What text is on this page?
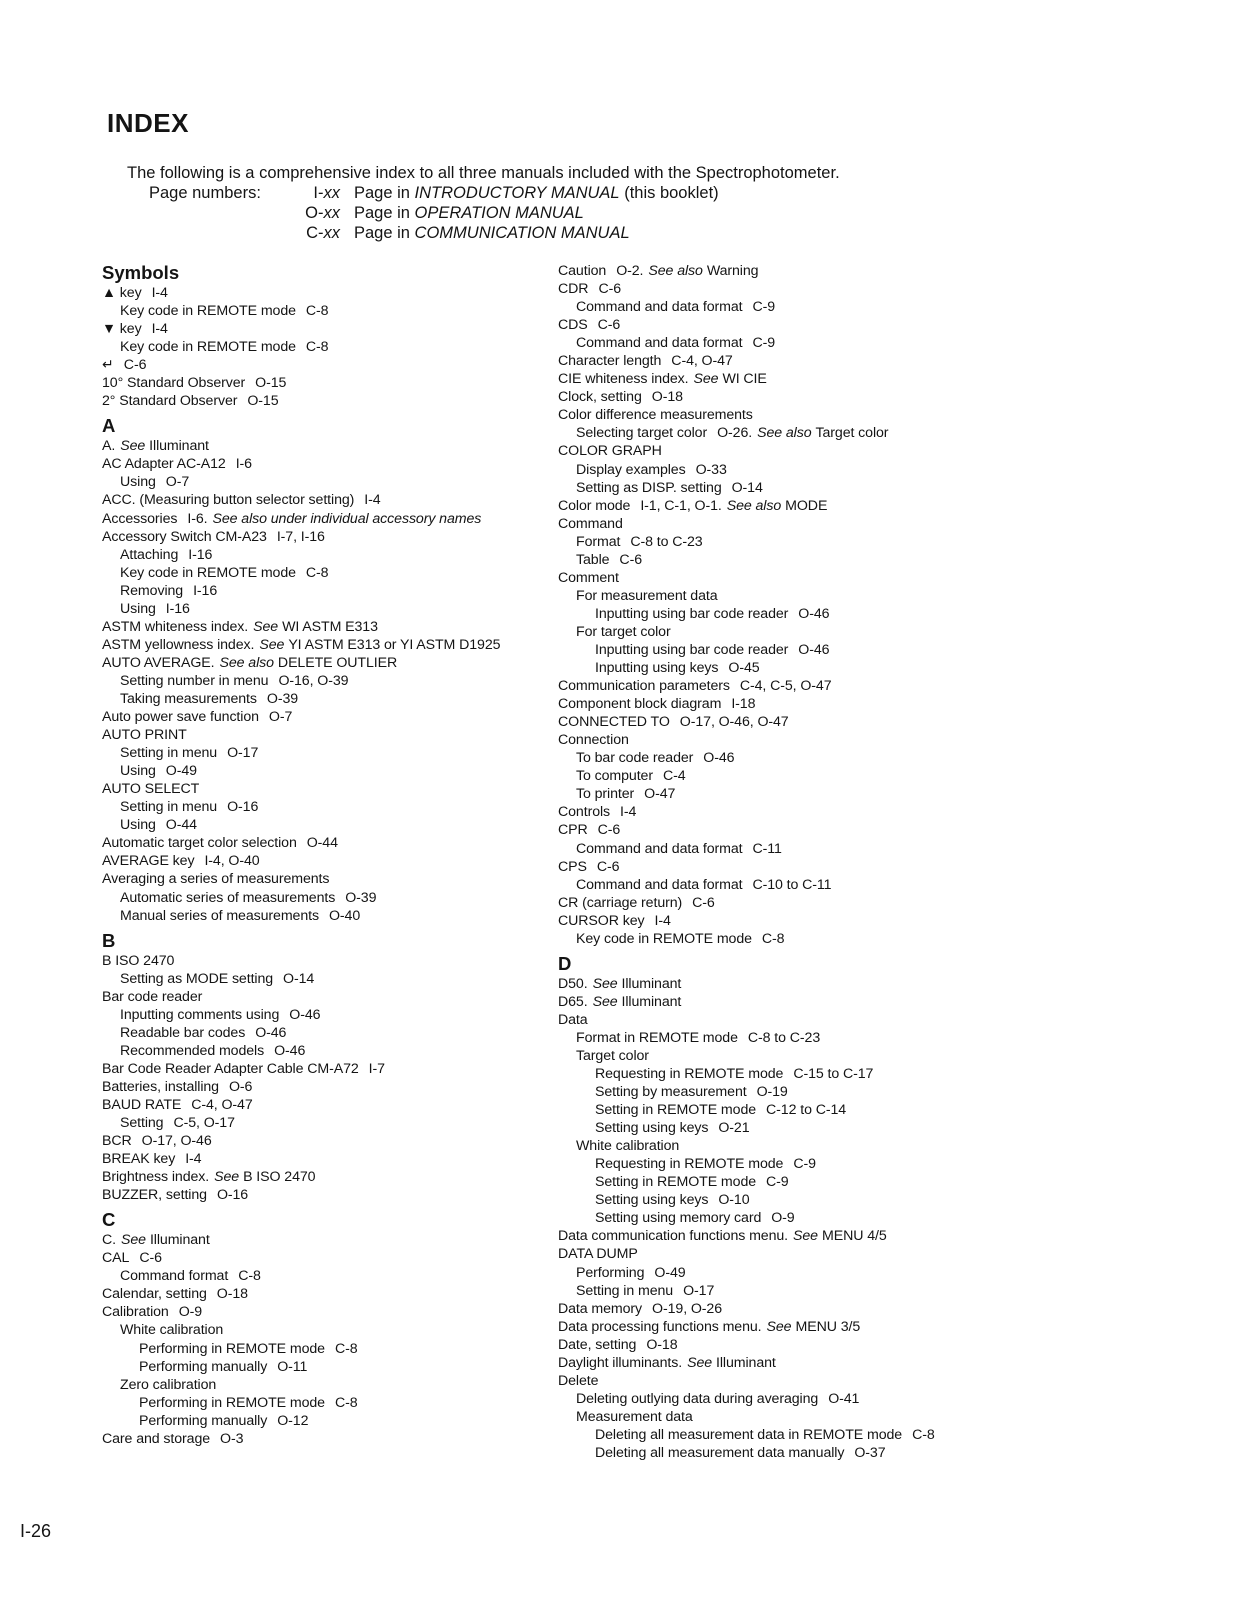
INDEX
The following is a comprehensive index to all three manuals included with the Spectrophotometer.
Page numbers:	I-xx Page in INTRODUCTORY MANUAL (this booklet)
O-xx Page in OPERATION MANUAL
C-xx Page in COMMUNICATION MANUAL
Symbols
▲ key I-4
Key code in REMOTE mode C-8
▼ key I-4
Key code in REMOTE mode C-8
↵ C-6
10° Standard Observer O-15
2° Standard Observer O-15
A
A. See Illuminant
AC Adapter AC-A12 I-6
Using O-7
ACC. (Measuring button selector setting) I-4
Accessories I-6. See also under individual accessory names
Accessory Switch CM-A23 I-7, I-16
Attaching I-16
Key code in REMOTE mode C-8
Removing I-16
Using I-16
ASTM whiteness index. See WI ASTM E313
ASTM yellowness index. See YI ASTM E313 or YI ASTM D1925
AUTO AVERAGE. See also DELETE OUTLIER
Setting number in menu O-16, O-39
Taking measurements O-39
Auto power save function O-7
AUTO PRINT
Setting in menu O-17
Using O-49
AUTO SELECT
Setting in menu O-16
Using O-44
Automatic target color selection O-44
AVERAGE key I-4, O-40
Averaging a series of measurements
Automatic series of measurements O-39
Manual series of measurements O-40
B
B ISO 2470
Setting as MODE setting O-14
Bar code reader
Inputting comments using O-46
Readable bar codes O-46
Recommended models O-46
Bar Code Reader Adapter Cable CM-A72 I-7
Batteries, installing O-6
BAUD RATE C-4, O-47
Setting C-5, O-17
BCR O-17, O-46
BREAK key I-4
Brightness index. See B ISO 2470
BUZZER, setting O-16
C
C. See Illuminant
CAL C-6
Command format C-8
Calendar, setting O-18
Calibration O-9
White calibration
Performing in REMOTE mode C-8
Performing manually O-11
Zero calibration
Performing in REMOTE mode C-8
Performing manually O-12
Care and storage O-3
Caution O-2. See also Warning
CDR C-6
Command and data format C-9
CDS C-6
Command and data format C-9
Character length C-4, O-47
CIE whiteness index. See WI CIE
Clock, setting O-18
Color difference measurements
Selecting target color O-26. See also Target color
COLOR GRAPH
Display examples O-33
Setting as DISP. setting O-14
Color mode I-1, C-1, O-1. See also MODE
Command
Format C-8 to C-23
Table C-6
Comment
For measurement data
Inputting using bar code reader O-46
For target color
Inputting using bar code reader O-46
Inputting using keys O-45
Communication parameters C-4, C-5, O-47
Component block diagram I-18
CONNECTED TO O-17, O-46, O-47
Connection
To bar code reader O-46
To computer C-4
To printer O-47
Controls I-4
CPR C-6
Command and data format C-11
CPS C-6
Command and data format C-10 to C-11
CR (carriage return) C-6
CURSOR key I-4
Key code in REMOTE mode C-8
D
D50. See Illuminant
D65. See Illuminant
Data
Format in REMOTE mode C-8 to C-23
Target color
Requesting in REMOTE mode C-15 to C-17
Setting by measurement O-19
Setting in REMOTE mode C-12 to C-14
Setting using keys O-21
White calibration
Requesting in REMOTE mode C-9
Setting in REMOTE mode C-9
Setting using keys O-10
Setting using memory card O-9
Data communication functions menu. See MENU 4/5
DATA DUMP
Performing O-49
Setting in menu O-17
Data memory O-19, O-26
Data processing functions menu. See MENU 3/5
Date, setting O-18
Daylight illuminants. See Illuminant
Delete
Deleting outlying data during averaging O-41
Measurement data
Deleting all measurement data in REMOTE mode C-8
Deleting all measurement data manually O-37
I-26
